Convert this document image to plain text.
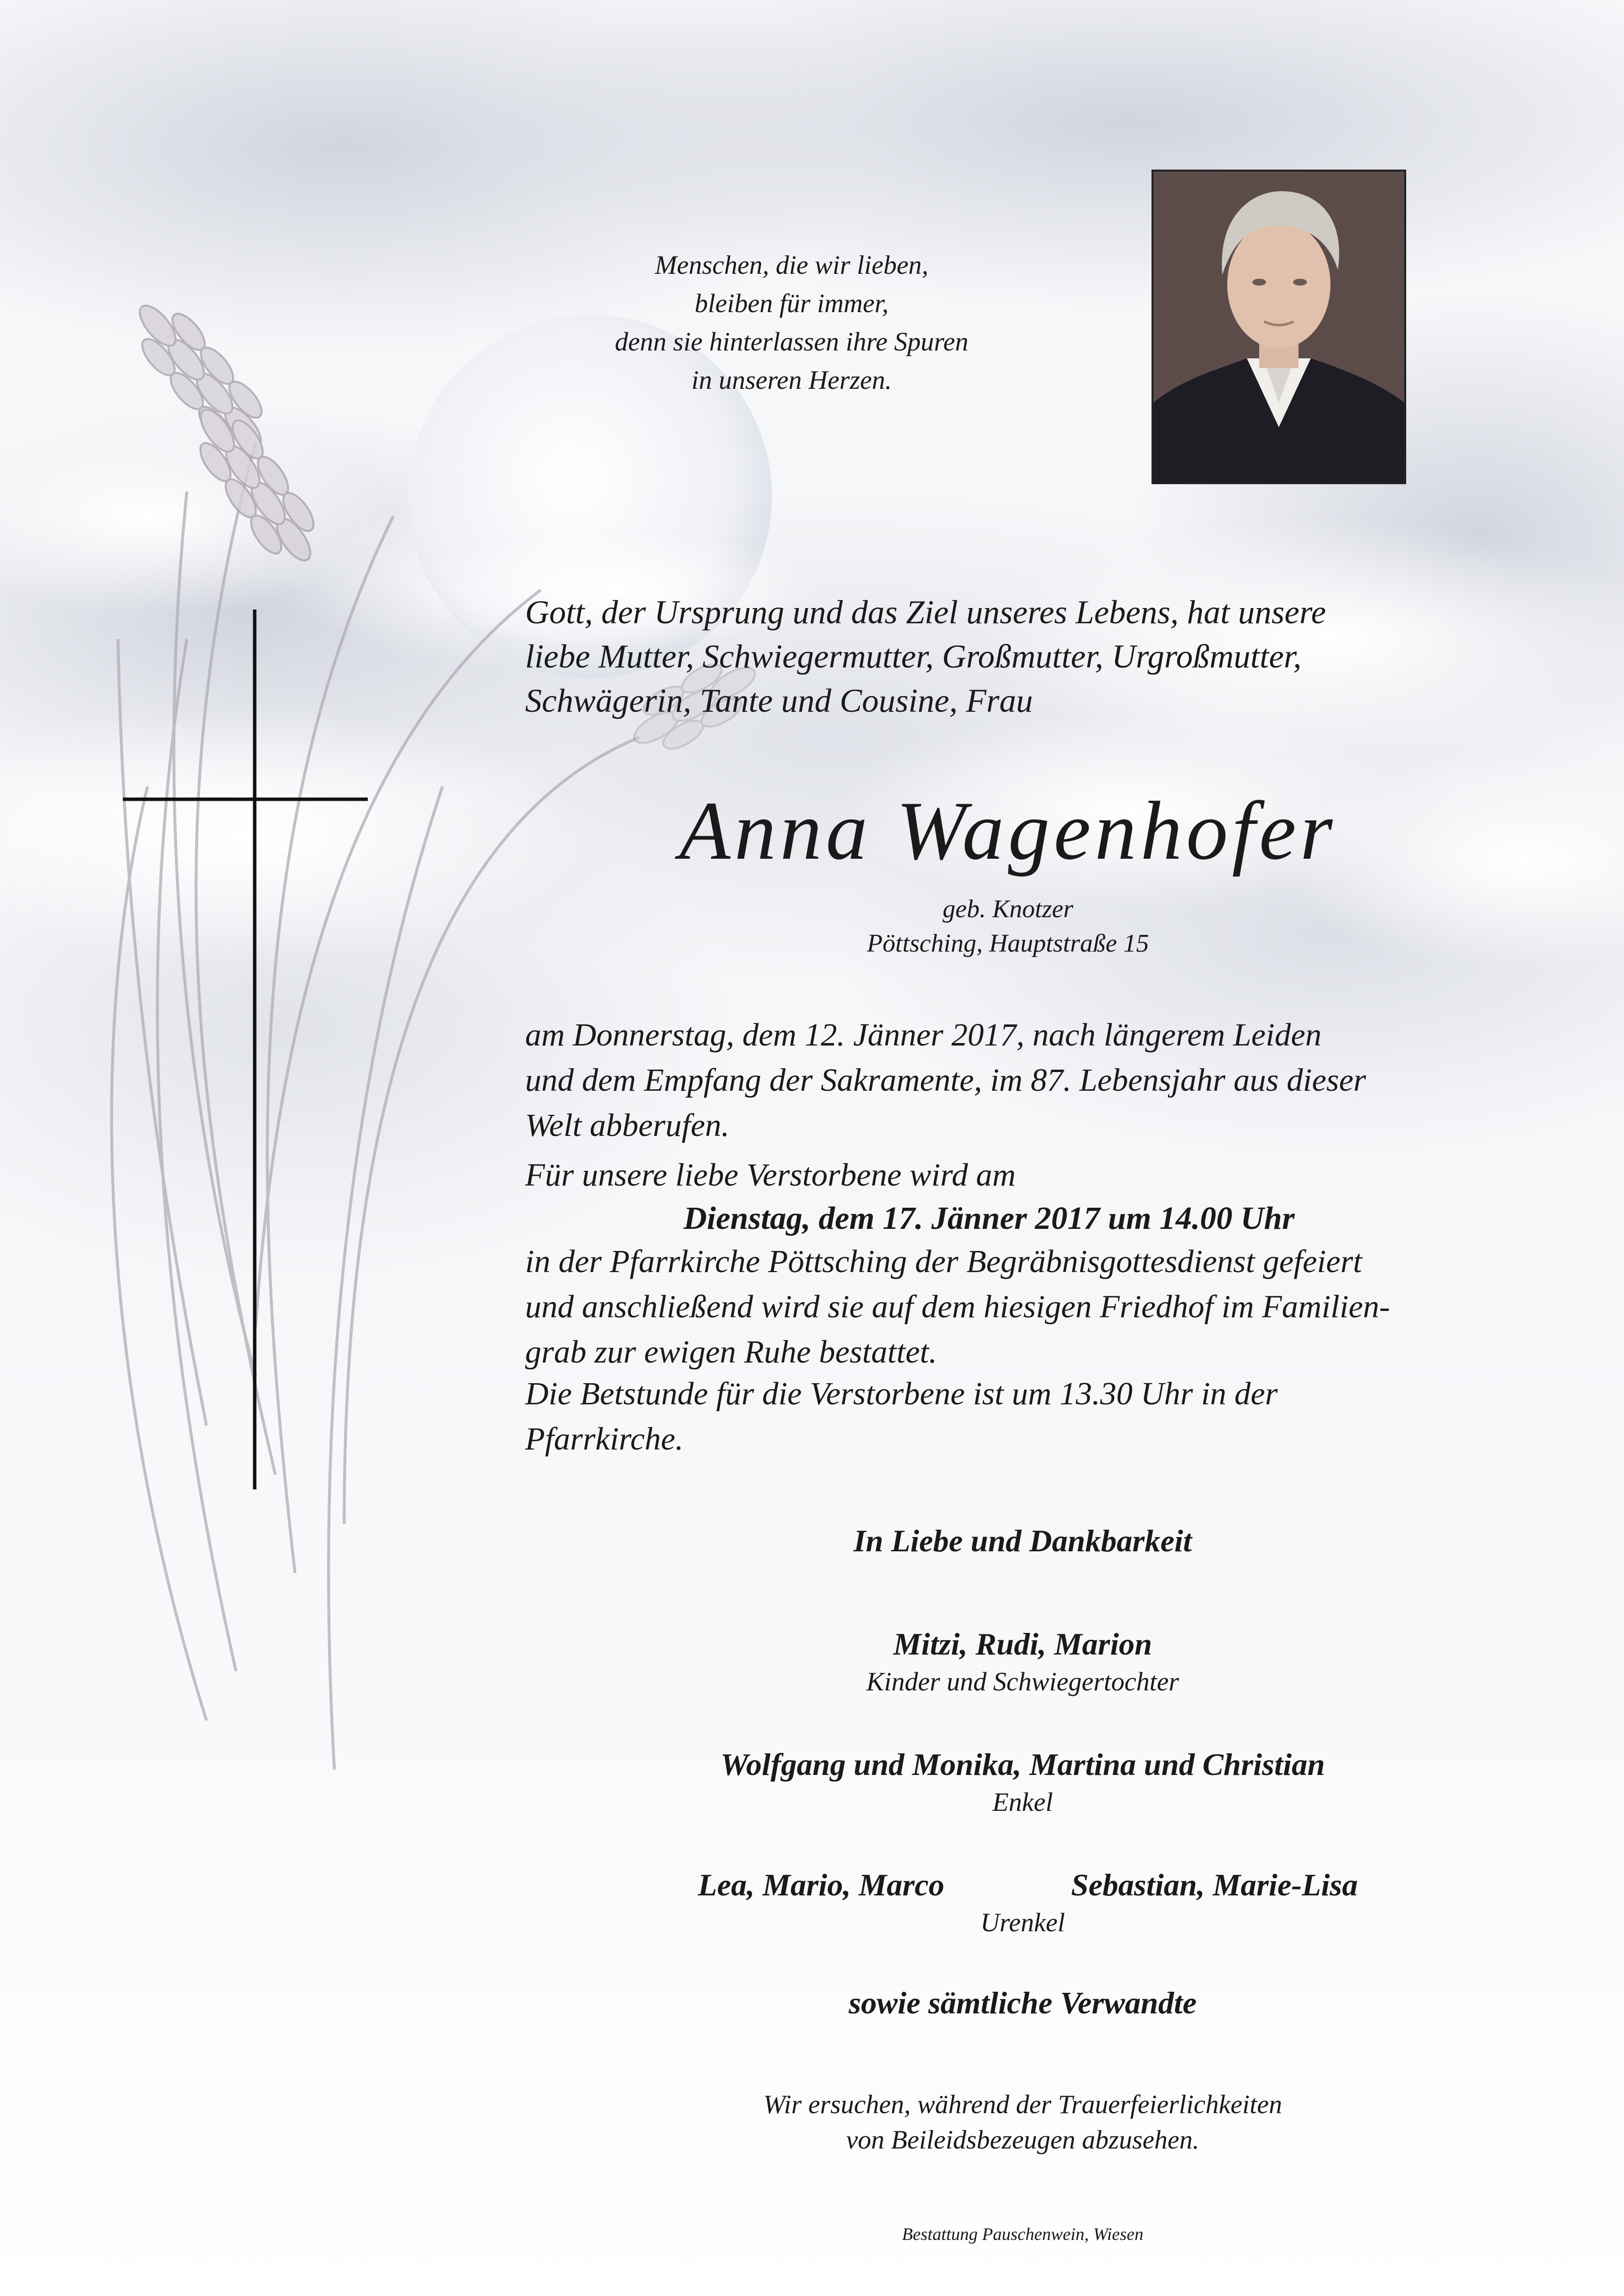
Menschen, die wir lieben,
bleiben für immer,
denn sie hinterlassen ihre Spuren
in unseren Herzen.
Gott, der Ursprung und das Ziel unseres Lebens, hat unsere
liebe Mutter, Schwiegermutter, Großmutter, Urgroßmutter,
Schwägerin, Tante und Cousine, Frau
Anna Wagenhofer
geb. Knotzer
Pöttsching, Hauptstraße 15
am Donnerstag, dem 12. Jänner 2017, nach längerem Leiden
und dem Empfang der Sakramente, im 87. Lebensjahr aus dieser
Welt abberufen.
Für unsere liebe Verstorbene wird am
Dienstag, dem 17. Jänner 2017 um 14.00 Uhr
in der Pfarrkirche Pöttsching der Begräbnisgottesdienst gefeiert
und anschließend wird sie auf dem hiesigen Friedhof im Familien-
grab zur ewigen Ruhe bestattet.
Die Betstunde für die Verstorbene ist um 13.30 Uhr in der
Pfarrkirche.
In Liebe und Dankbarkeit
Mitzi, Rudi, Marion
Kinder und Schwiegertochter
Wolfgang und Monika, Martina und Christian
Enkel
Lea, Mario, Marco	Sebastian, Marie-Lisa
Urenkel
sowie sämtliche Verwandte
Wir ersuchen, während der Trauerfeierlichkeiten
von Beileidsbezeugen abzusehen.
Bestattung Pauschenwein, Wiesen
